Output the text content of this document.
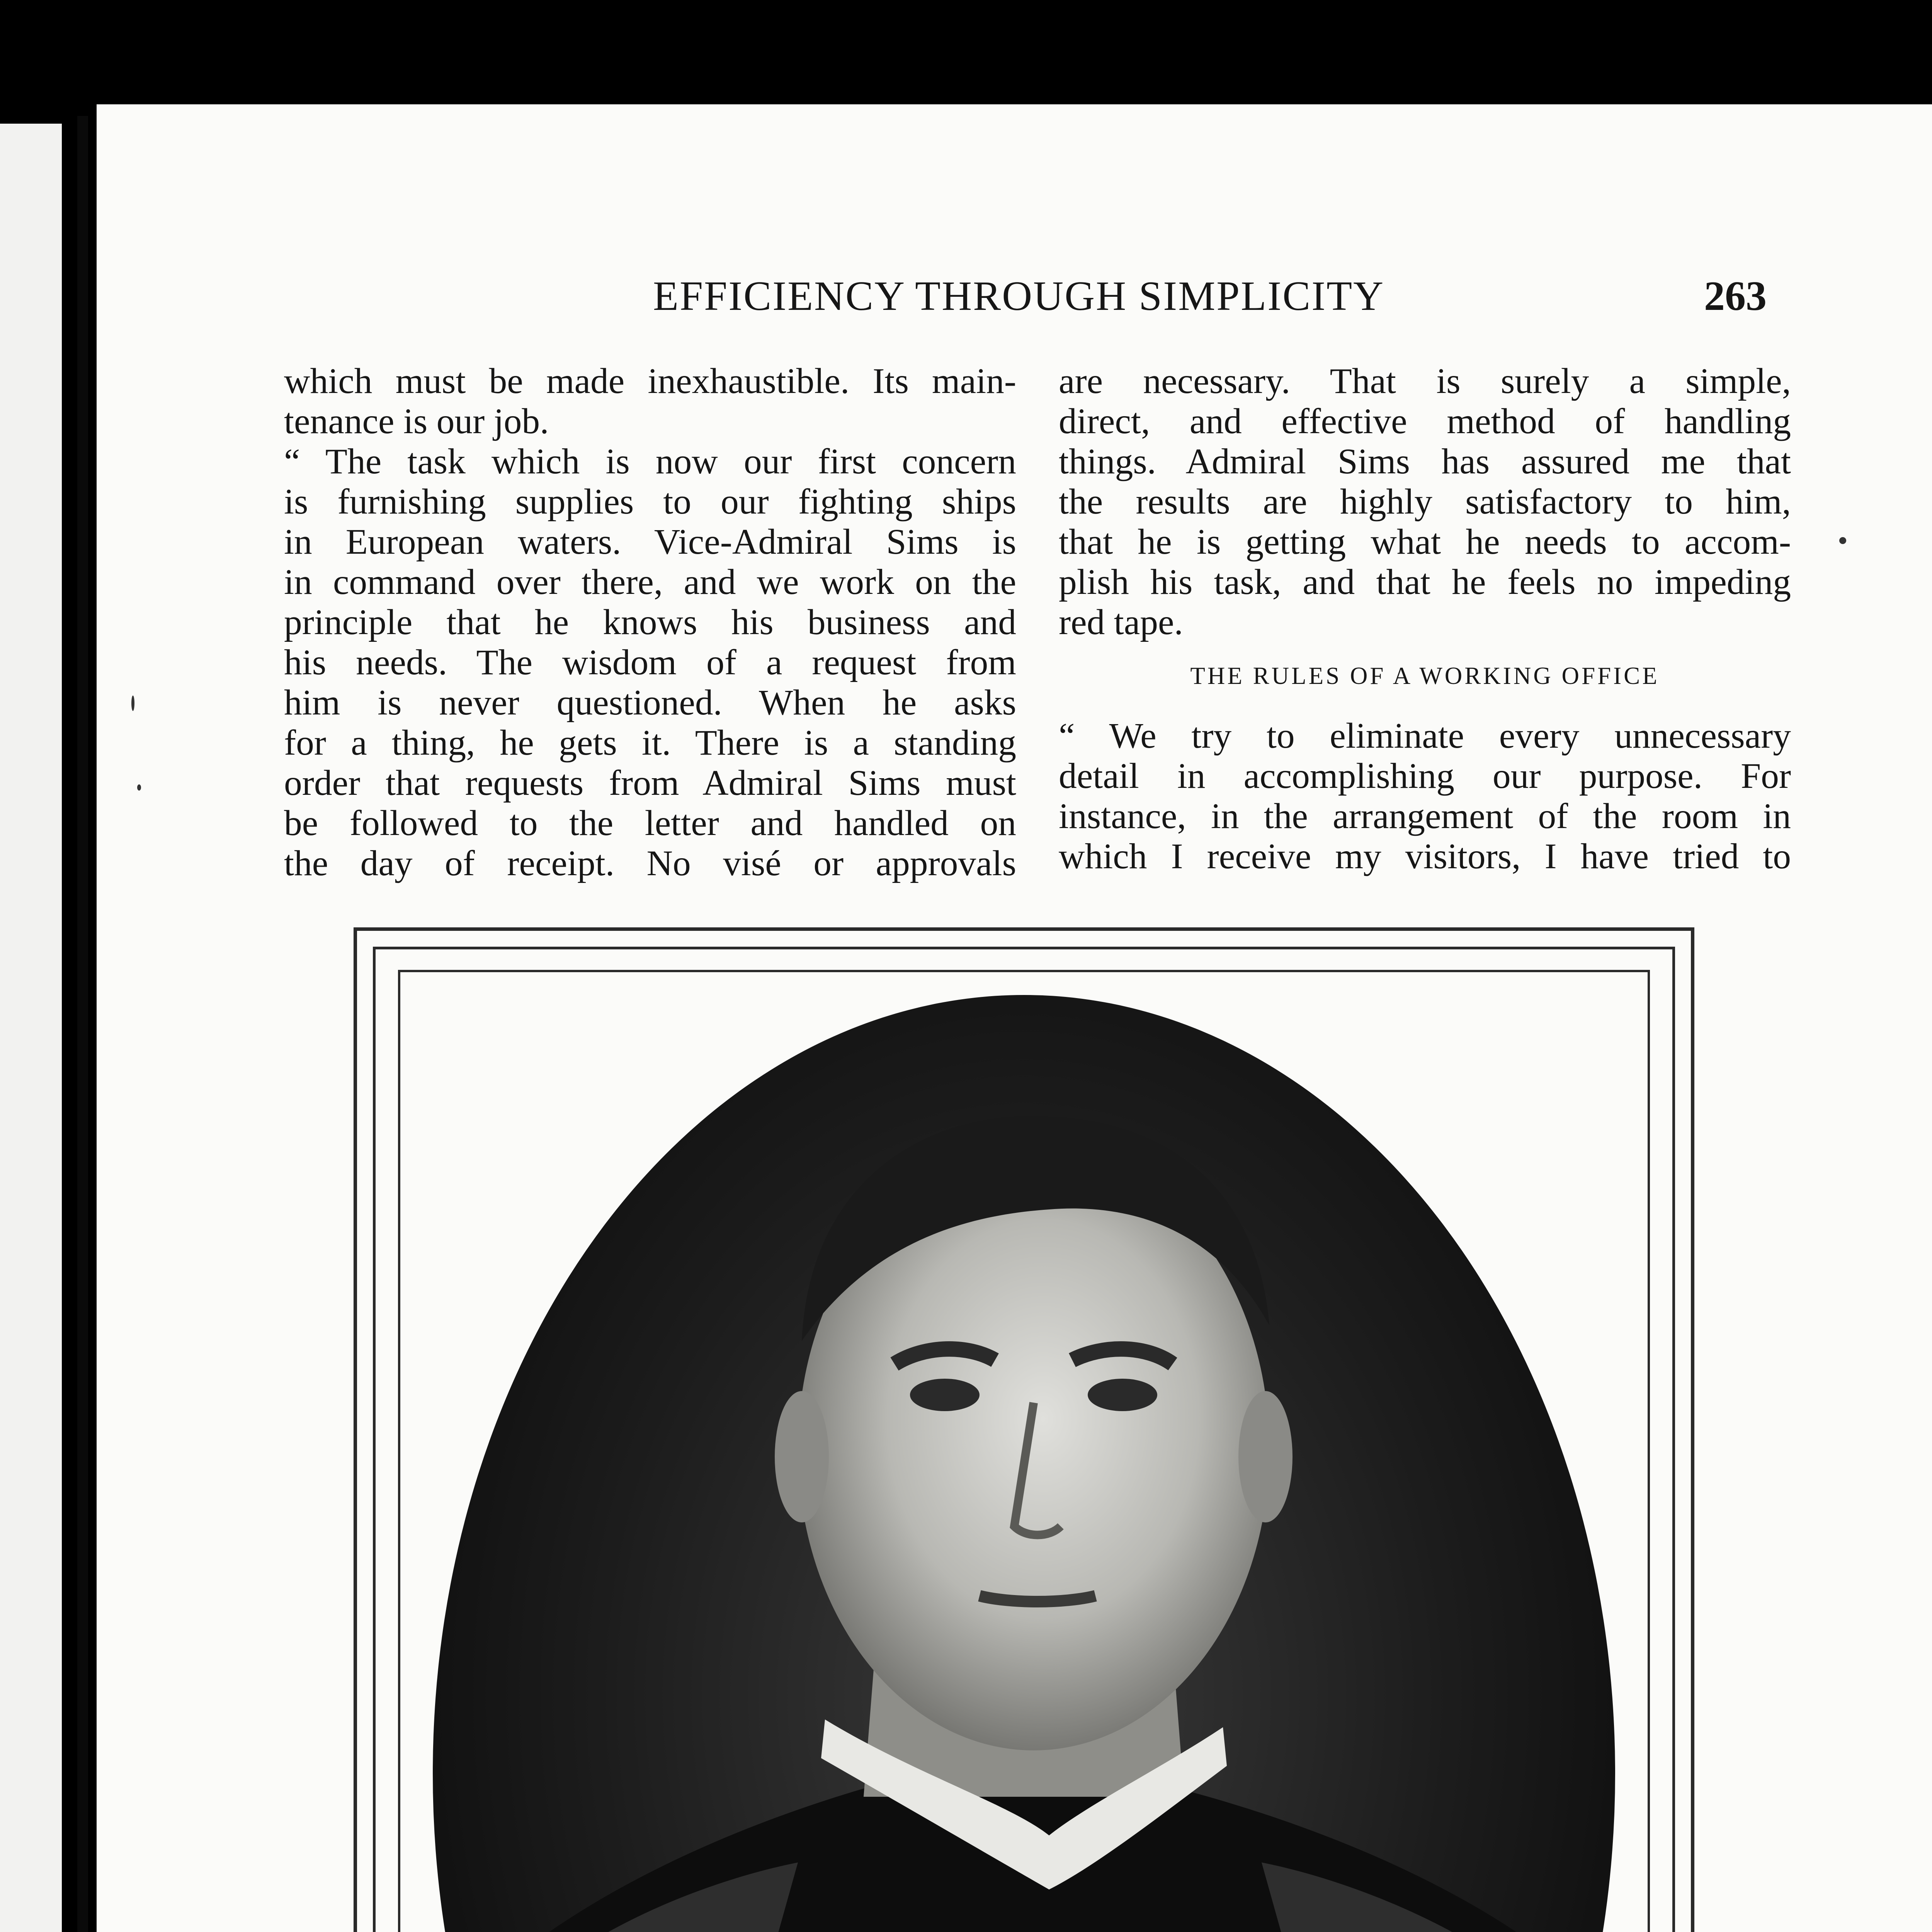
EFFICIENCY THROUGH SIMPLICITY	263
which must be made inexhaustible. Its main-
tenance is our job.
“ The task which is now our first concern
is furnishing supplies to our fighting ships
in European waters. Vice-Admiral Sims is
in command over there, and we work on the
principle that he knows his business and
his needs. The wisdom of a request from
him is never questioned. When he asks
for a thing, he gets it. There is a standing
order that requests from Admiral Sims must
be followed to the letter and handled on
the day of receipt. No visé or approvals
are necessary. That is surely a simple,
direct, and effective method of handling
things. Admiral Sims has assured me that
the results are highly satisfactory to him,
that he is getting what he needs to accom-
plish his task, and that he feels no impeding
red tape.
THE RULES OF A WORKING OFFICE
“ We try to eliminate every unnecessary
detail in accomplishing our purpose. For
instance, in the arrangement of the room in
which I receive my visitors, I have tried to
